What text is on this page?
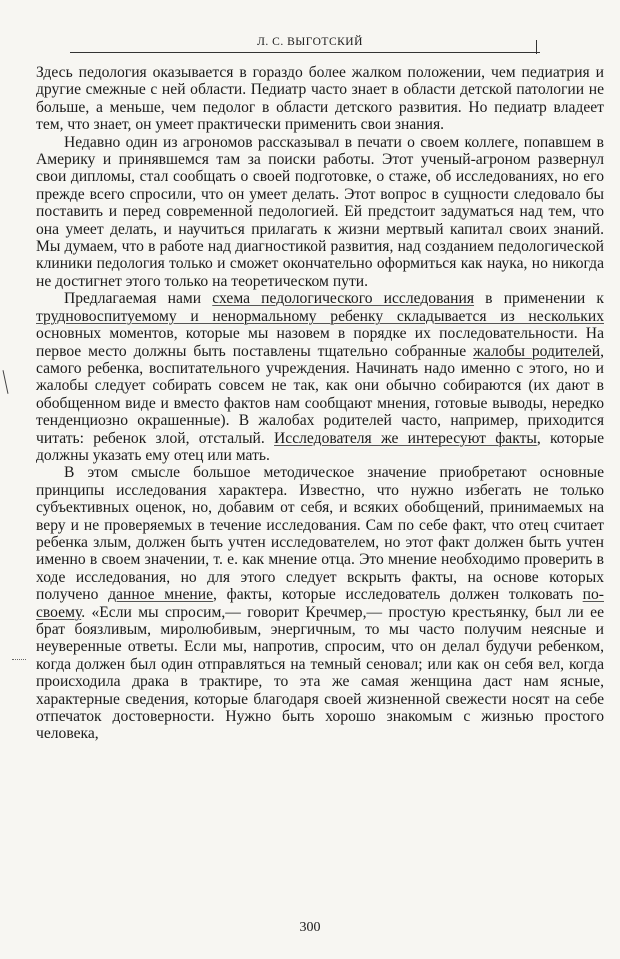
Л. С. ВЫГОТСКИЙ

Здесь педология оказывается в гораздо более жалком положении, чем педиатрия и другие смежные с ней области. Педиатр часто знает в области детской патологии не больше, а меньше, чем педолог в области детского развития. Но педиатр владеет тем, что знает, он умеет практически применить свои знания.

Недавно один из агрономов рассказывал в печати о своем коллеге, попавшем в Америку и принявшемся там за поиски работы. Этот ученый-агроном развернул свои дипломы, стал сообщать о своей подготовке, о стаже, об исследованиях, но его прежде всего спросили, что он умеет делать. Этот вопрос в сущности следовало бы поставить и перед современной педологией. Ей предстоит задуматься над тем, что она умеет делать, и научиться прилагать к жизни мертвый капитал своих знаний. Мы думаем, что в работе над диагностикой развития, над созданием педологической клиники педология только и сможет окончательно оформиться как наука, но никогда не достигнет этого только на теоретическом пути.

Предлагаемая нами схема педологического исследования в применении к трудновоспитуемому и ненормальному ребенку складывается из нескольких основных моментов, которые мы назовем в порядке их последовательности. На первое место должны быть поставлены тщательно собранные жалобы родителей, самого ребенка, воспитательного учреждения. Начинать надо именно с этого, но и жалобы следует собирать совсем не так, как они обычно собираются (их дают в обобщенном виде и вместо фактов нам сообщают мнения, готовые выводы, нередко тенденциозно окрашенные). В жалобах родителей часто, например, приходится читать: ребенок злой, отсталый. Исследователя же интересуют факты, которые должны указать ему отец или мать.

В этом смысле большое методическое значение приобретают основные принципы исследования характера. Известно, что нужно избегать не только субъективных оценок, но, добавим от себя, и всяких обобщений, принимаемых на веру и не проверяемых в течение исследования. Сам по себе факт, что отец считает ребенка злым, должен быть учтен исследователем, но этот факт должен быть учтен именно в своем значении, т. е. как мнение отца. Это мнение необходимо проверить в ходе исследования, но для этого следует вскрыть факты, на основе которых получено данное мнение, факты, которые исследователь должен толковать по-своему. «Если мы спросим,— говорит Кречмер,— простую крестьянку, был ли ее брат боязливым, миролюбивым, энергичным, то мы часто получим неясные и неуверенные ответы. Если мы, напротив, спросим, что он делал будучи ребенком, когда должен был один отправляться на темный сеновал; или как он себя вел, когда происходила драка в трактире, то эта же самая женщина даст нам ясные, характерные сведения, которые благодаря своей жизненной свежести носят на себе отпечаток достоверности. Нужно быть хорошо знакомым с жизнью простого человека,

300
